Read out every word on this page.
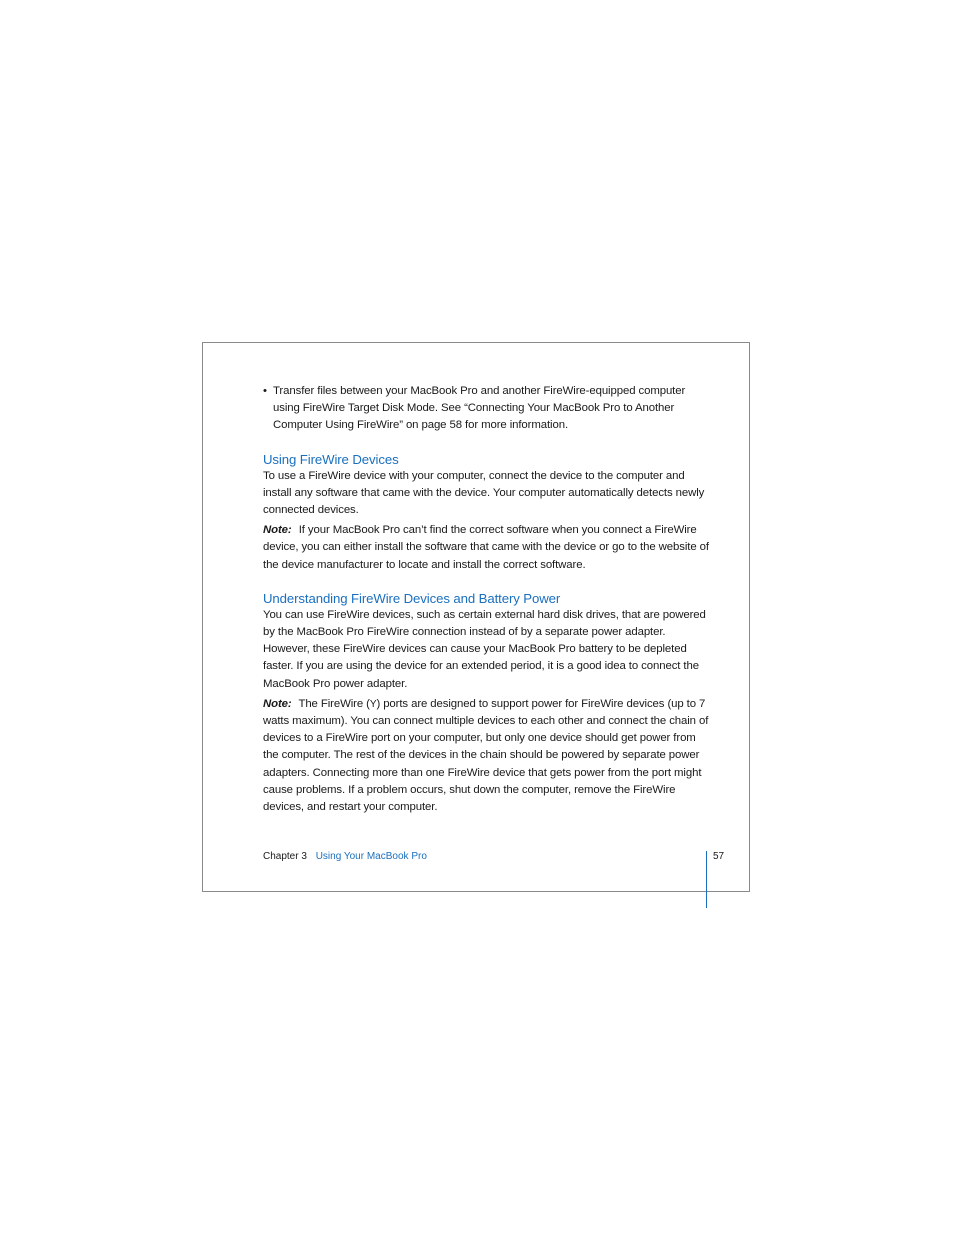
• Transfer files between your MacBook Pro and another FireWire-equipped computer using FireWire Target Disk Mode. See “Connecting Your MacBook Pro to Another Computer Using FireWire” on page 58 for more information.
Using FireWire Devices

To use a FireWire device with your computer, connect the device to the computer and install any software that came with the device. Your computer automatically detects newly connected devices.

Note: If your MacBook Pro can’t find the correct software when you connect a FireWire device, you can either install the software that came with the device or go to the website of the device manufacturer to locate and install the correct software.

Understanding FireWire Devices and Battery Power

You can use FireWire devices, such as certain external hard disk drives, that are powered by the MacBook Pro FireWire connection instead of by a separate power adapter. However, these FireWire devices can cause your MacBook Pro battery to be depleted faster. If you are using the device for an extended period, it is a good idea to connect the MacBook Pro power adapter.

Note: The FireWire (Y) ports are designed to support power for FireWire devices (up to 7 watts maximum). You can connect multiple devices to each other and connect the chain of devices to a FireWire port on your computer, but only one device should get power from the computer. The rest of the devices in the chain should be powered by separate power adapters. Connecting more than one FireWire device that gets power from the port might cause problems. If a problem occurs, shut down the computer, remove the FireWire devices, and restart your computer.

Chapter 3 Using Your MacBook Pro	57
